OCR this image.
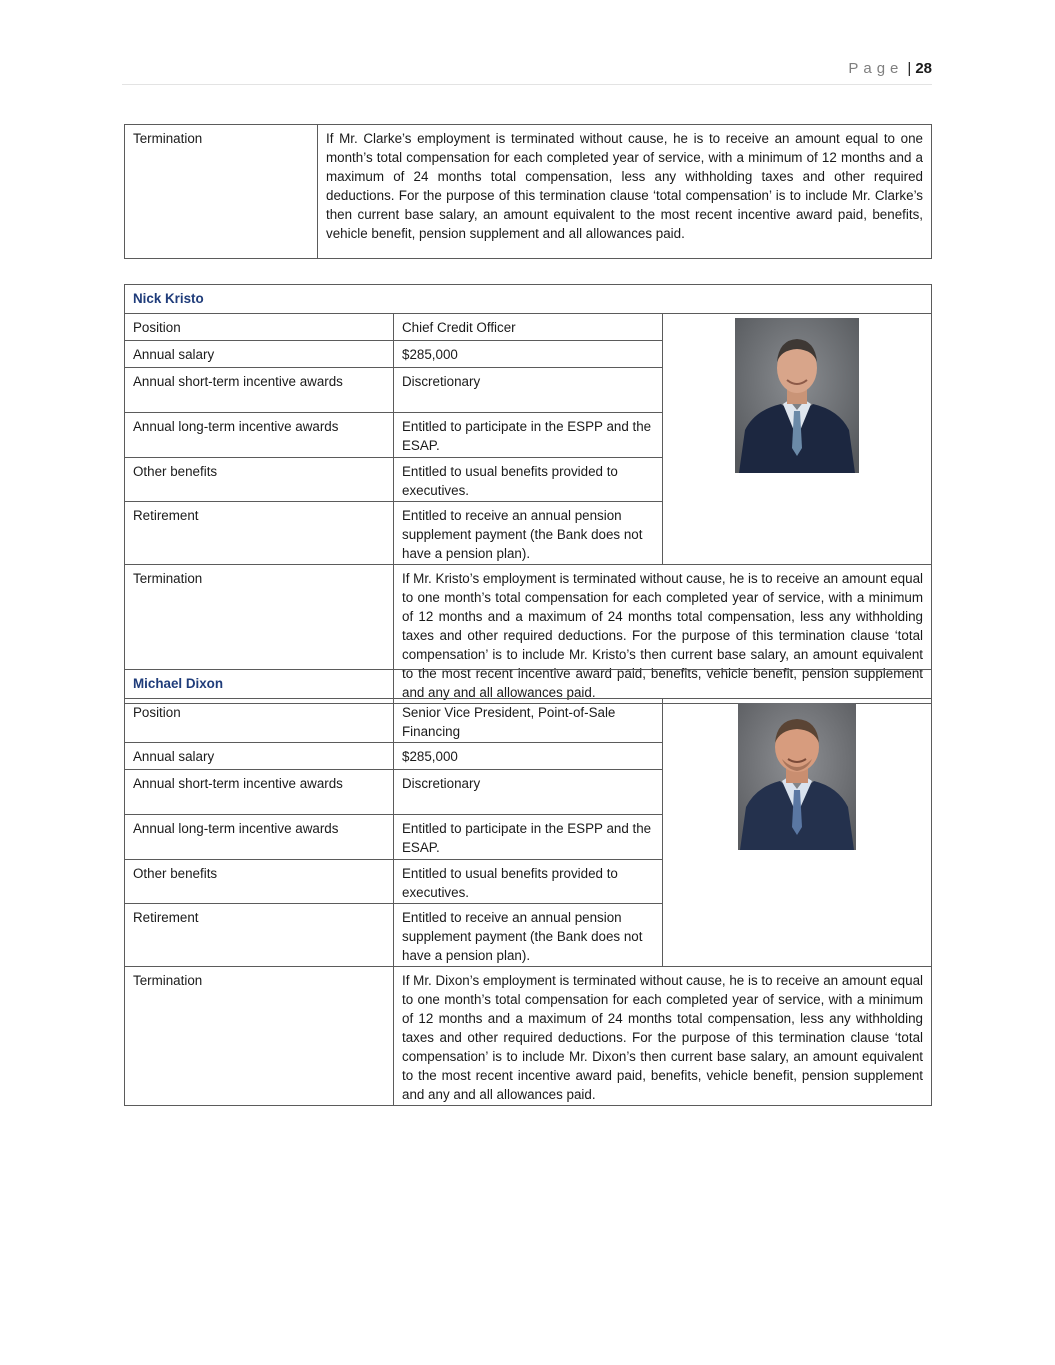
Page | 28
Termination	If Mr. Clarke’s employment is terminated without cause, he is to receive an amount equal to one month’s total compensation for each completed year of service, with a minimum of 12 months and a maximum of 24 months total compensation, less any withholding taxes and other required deductions. For the purpose of this termination clause ‘total compensation’ is to include Mr. Clarke’s then current base salary, an amount equivalent to the most recent incentive award paid, benefits, vehicle benefit, pension supplement and all allowances paid.
Nick Kristo		
Position	Chief Credit Officer	

Annual salary	$285,000	
Annual short-term incentive awards	Discretionary	
Annual long-term incentive awards	Entitled to participate in the ESPP and the ESAP.	
Other benefits	Entitled to usual benefits provided to executives.	
Retirement	Entitled to receive an annual pension supplement payment (the Bank does not have a pension plan).	
Termination	If Mr. Kristo’s employment is terminated without cause, he is to receive an amount equal to one month’s total compensation for each completed year of service, with a minimum of 12 months and a maximum of 24 months total compensation, less any withholding taxes and other required deductions. For the purpose of this termination clause ‘total compensation’ is to include Mr. Kristo’s then current base salary, an amount equivalent to the most recent incentive award paid, benefits, vehicle benefit, pension supplement and any and all allowances paid.	
Michael Dixon		
Position	Senior Vice President, Point-of-Sale Financing	

Annual salary	$285,000	
Annual short-term incentive awards	Discretionary	
Annual long-term incentive awards	Entitled to participate in the ESPP and the ESAP.	
Other benefits	Entitled to usual benefits provided to executives.	
Retirement	Entitled to receive an annual pension supplement payment (the Bank does not have a pension plan).	
Termination	If Mr. Dixon’s employment is terminated without cause, he is to receive an amount equal to one month’s total compensation for each completed year of service, with a minimum of 12 months and a maximum of 24 months total compensation, less any withholding taxes and other required deductions. For the purpose of this termination clause ‘total compensation’ is to include Mr. Dixon’s then current base salary, an amount equivalent to the most recent incentive award paid, benefits, vehicle benefit, pension supplement and any and all allowances paid.	
